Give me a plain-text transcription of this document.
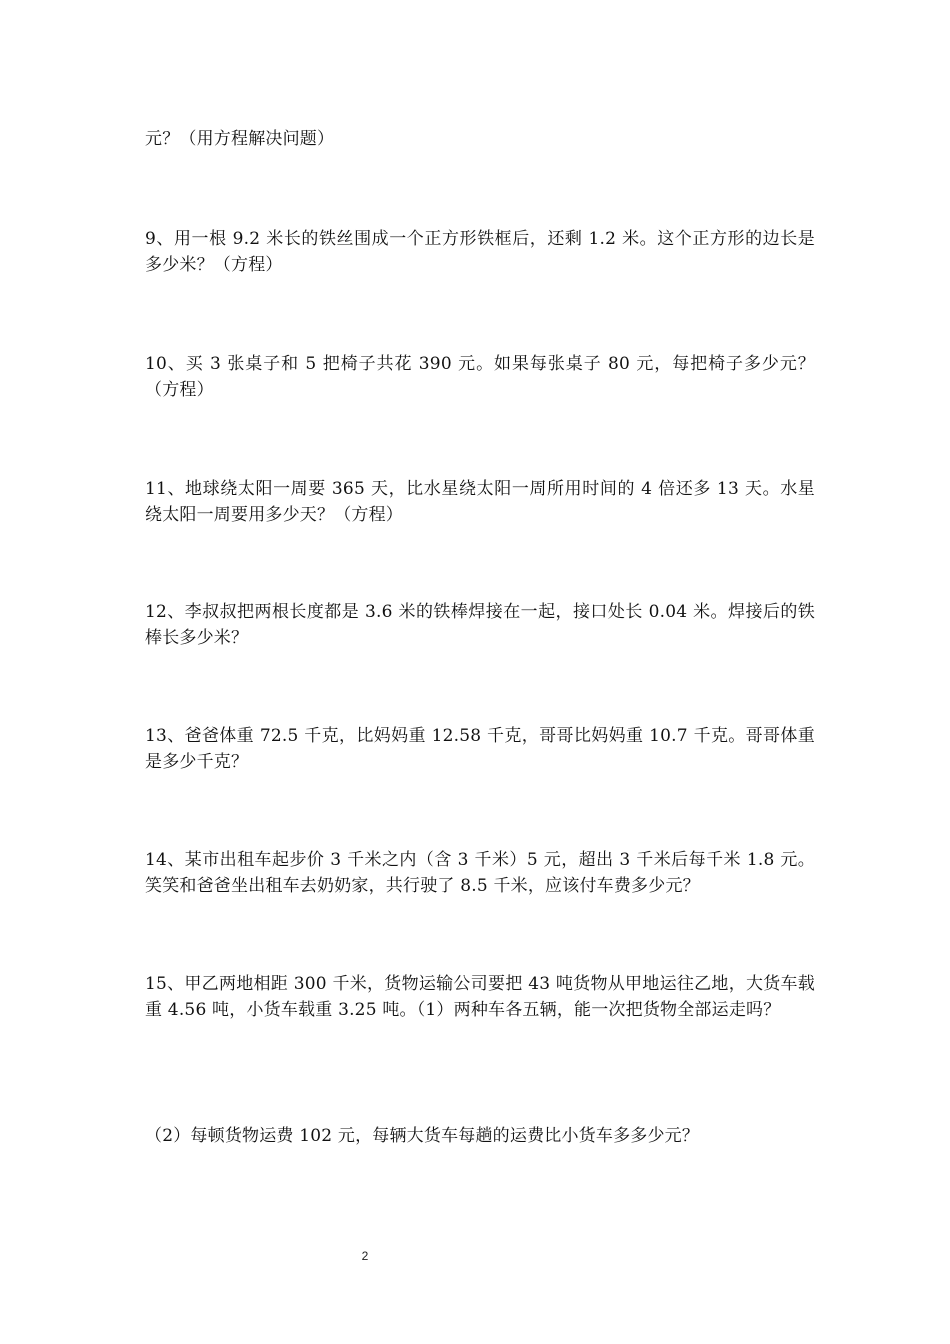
元？（用方程解决问题）

9、用一根 9.2 米长的铁丝围成一个正方形铁框后，还剩 1.2 米。这个正方形的边长是多少米？（方程）

10、买 3 张桌子和 5 把椅子共花 390 元。如果每张桌子 80 元，每把椅子多少元？（方程）

11、地球绕太阳一周要 365 天，比水星绕太阳一周所用时间的 4 倍还多 13 天。水星绕太阳一周要用多少天？（方程）

12、李叔叔把两根长度都是 3.6 米的铁棒焊接在一起，接口处长 0.04 米。焊接后的铁棒长多少米？

13、爸爸体重 72.5 千克，比妈妈重 12.58 千克，哥哥比妈妈重 10.7 千克。哥哥体重是多少千克？

14、某市出租车起步价 3 千米之内（含 3 千米）5 元，超出 3 千米后每千米 1.8 元。笑笑和爸爸坐出租车去奶奶家，共行驶了 8.5 千米，应该付车费多少元？

15、甲乙两地相距 300 千米，货物运输公司要把 43 吨货物从甲地运往乙地，大货车载重 4.56 吨，小货车载重 3.25 吨。（1）两种车各五辆，能一次把货物全部运走吗？

（2）每顿货物运费 102 元，每辆大货车每趟的运费比小货车多多少元？

2
